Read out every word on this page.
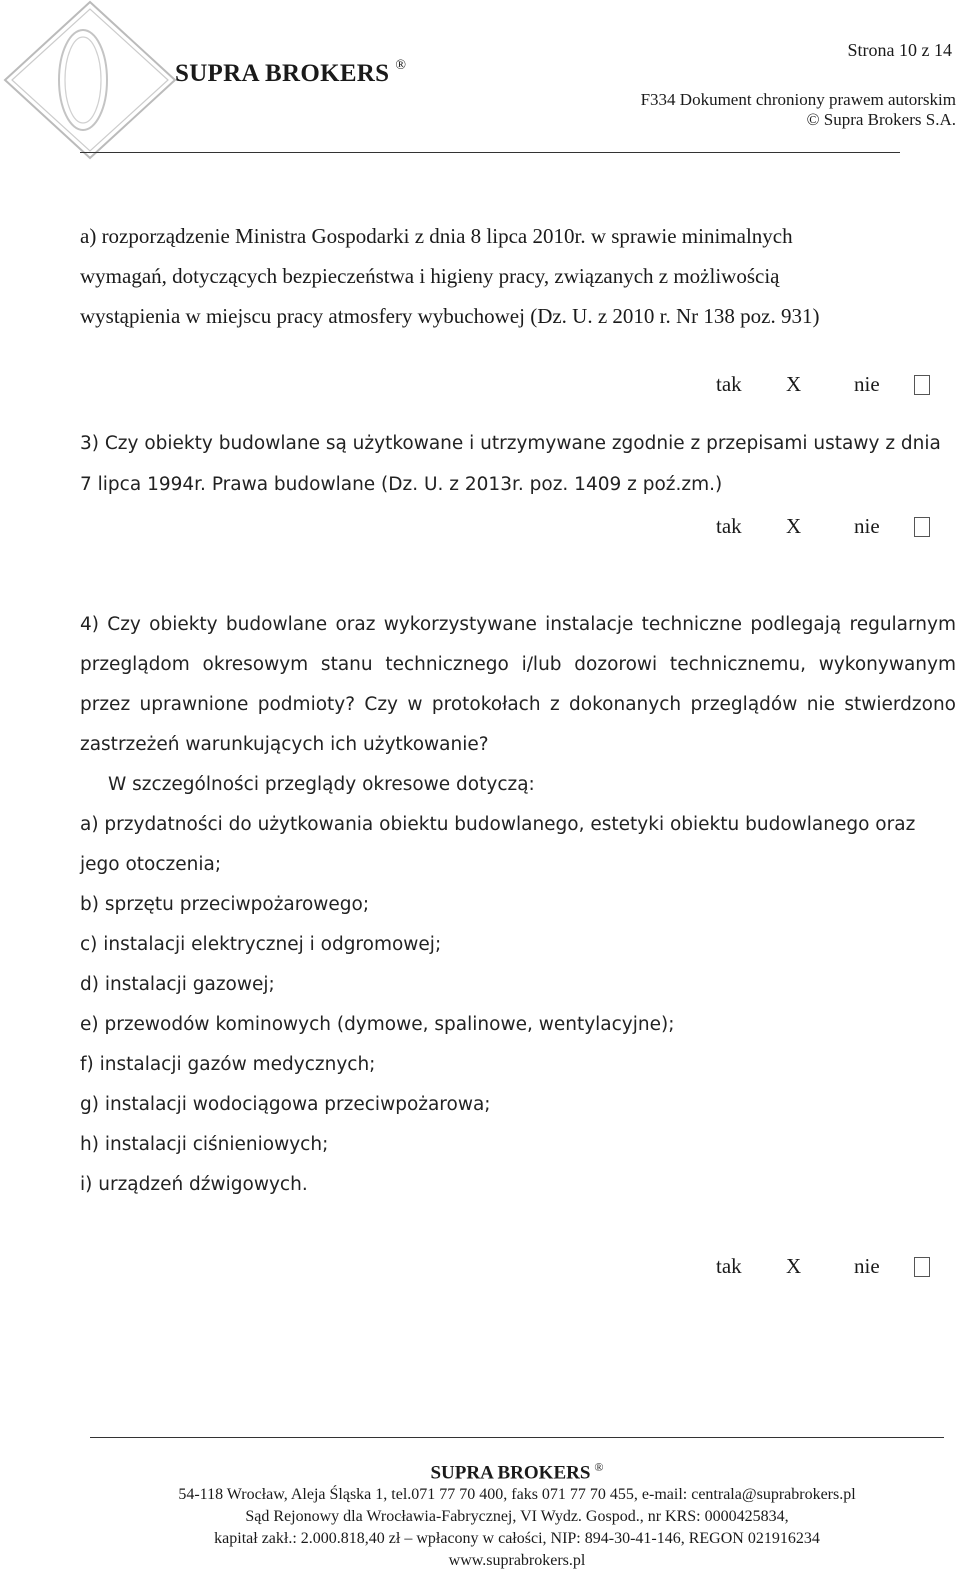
Strona 10 z 14
SUPRA BROKERS ®
F334 Dokument chroniony prawem autorskim
© Supra Brokers S.A.
a) rozporządzenie Ministra Gospodarki z dnia 8 lipca 2010r. w sprawie minimalnych
wymagań, dotyczących bezpieczeństwa i higieny pracy, związanych z możliwością
wystąpienia w miejscu pracy atmosfery wybuchowej (Dz. U. z 2010 r. Nr 138 poz. 931)
tak	X	nie
3) Czy obiekty budowlane są użytkowane i utrzymywane zgodnie z przepisami ustawy z dnia
7 lipca 1994r. Prawa budowlane (Dz. U. z 2013r. poz. 1409 z poź.zm.)
tak	X	nie
4) Czy obiekty budowlane oraz wykorzystywane instalacje techniczne podlegają regularnym
przeglądom okresowym stanu technicznego i/lub dozorowi technicznemu, wykonywanym
przez uprawnione podmioty? Czy w protokołach z dokonanych przeglądów nie stwierdzono
zastrzeżeń warunkujących ich użytkowanie?
W szczególności przeglądy okresowe dotyczą:
a) przydatności do użytkowania obiektu budowlanego, estetyki obiektu budowlanego oraz
jego otoczenia;
b) sprzętu przeciwpożarowego;
c) instalacji elektrycznej i odgromowej;
d) instalacji gazowej;
e) przewodów kominowych (dymowe, spalinowe, wentylacyjne);
f) instalacji gazów medycznych;
g) instalacji wodociągowa przeciwpożarowa;
h) instalacji ciśnieniowych;
i) urządzeń dźwigowych.
tak	X	nie
SUPRA BROKERS ®
54-118 Wrocław, Aleja Śląska 1, tel.071 77 70 400, faks 071 77 70 455, e-mail: centrala@suprabrokers.pl
Sąd Rejonowy dla Wrocławia-Fabrycznej, VI Wydz. Gospod., nr KRS: 0000425834,
kapitał zakł.: 2.000.818,40 zł – wpłacony w całości, NIP: 894-30-41-146, REGON 021916234
www.suprabrokers.pl
